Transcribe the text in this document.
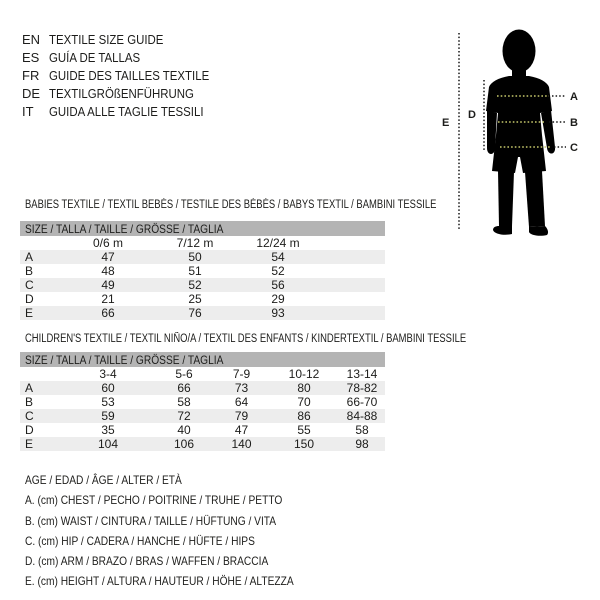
EN TEXTILE SIZE GUIDE
ES GUÍA DE TALLAS
FR GUIDE DES TAILLES TEXTILE
DE TEXTILGRÖßENFÜHRUNG
IT	GUIDA ALLE TAGLIE TESSILI
A
B
C
D
E
BABIES TEXTILE / TEXTIL BEBÉS / TESTILE DES BÉBÉS / BABYS TEXTIL / BAMBINI TESSILE
SIZE / TALLA / TAILLE / GRÖSSE / TAGLIA				
	0/6 m	7/12 m	12/24 m	
A	47	50	54	
B	48	51	52	
C	49	52	56	
D	21	25	29	
E	66	76	93	
CHILDREN'S TEXTILE / TEXTIL NIÑO/A / TEXTIL DES ENFANTS / KINDERTEXTIL / BAMBINI TESSILE
SIZE / TALLA / TAILLE / GRÖSSE / TAGLIA					
	3-4	5-6	7-9	10-12	13-14
A	60	66	73	80	78-82
B	53	58	64	70	66-70
C	59	72	79	86	84-88
D	35	40	47	55	58
E	104	106	140	150	98
AGE / EDAD / ÂGE / ALTER / ETÀ
A. (cm) CHEST / PECHO / POITRINE / TRUHE / PETTO
B. (cm) WAIST / CINTURA / TAILLE / HÜFTUNG / VITA
C. (cm) HIP / CADERA / HANCHE / HÜFTE / HIPS
D. (cm) ARM / BRAZO / BRAS / WAFFEN / BRACCIA
E. (cm) HEIGHT / ALTURA / HAUTEUR / HÖHE / ALTEZZA
